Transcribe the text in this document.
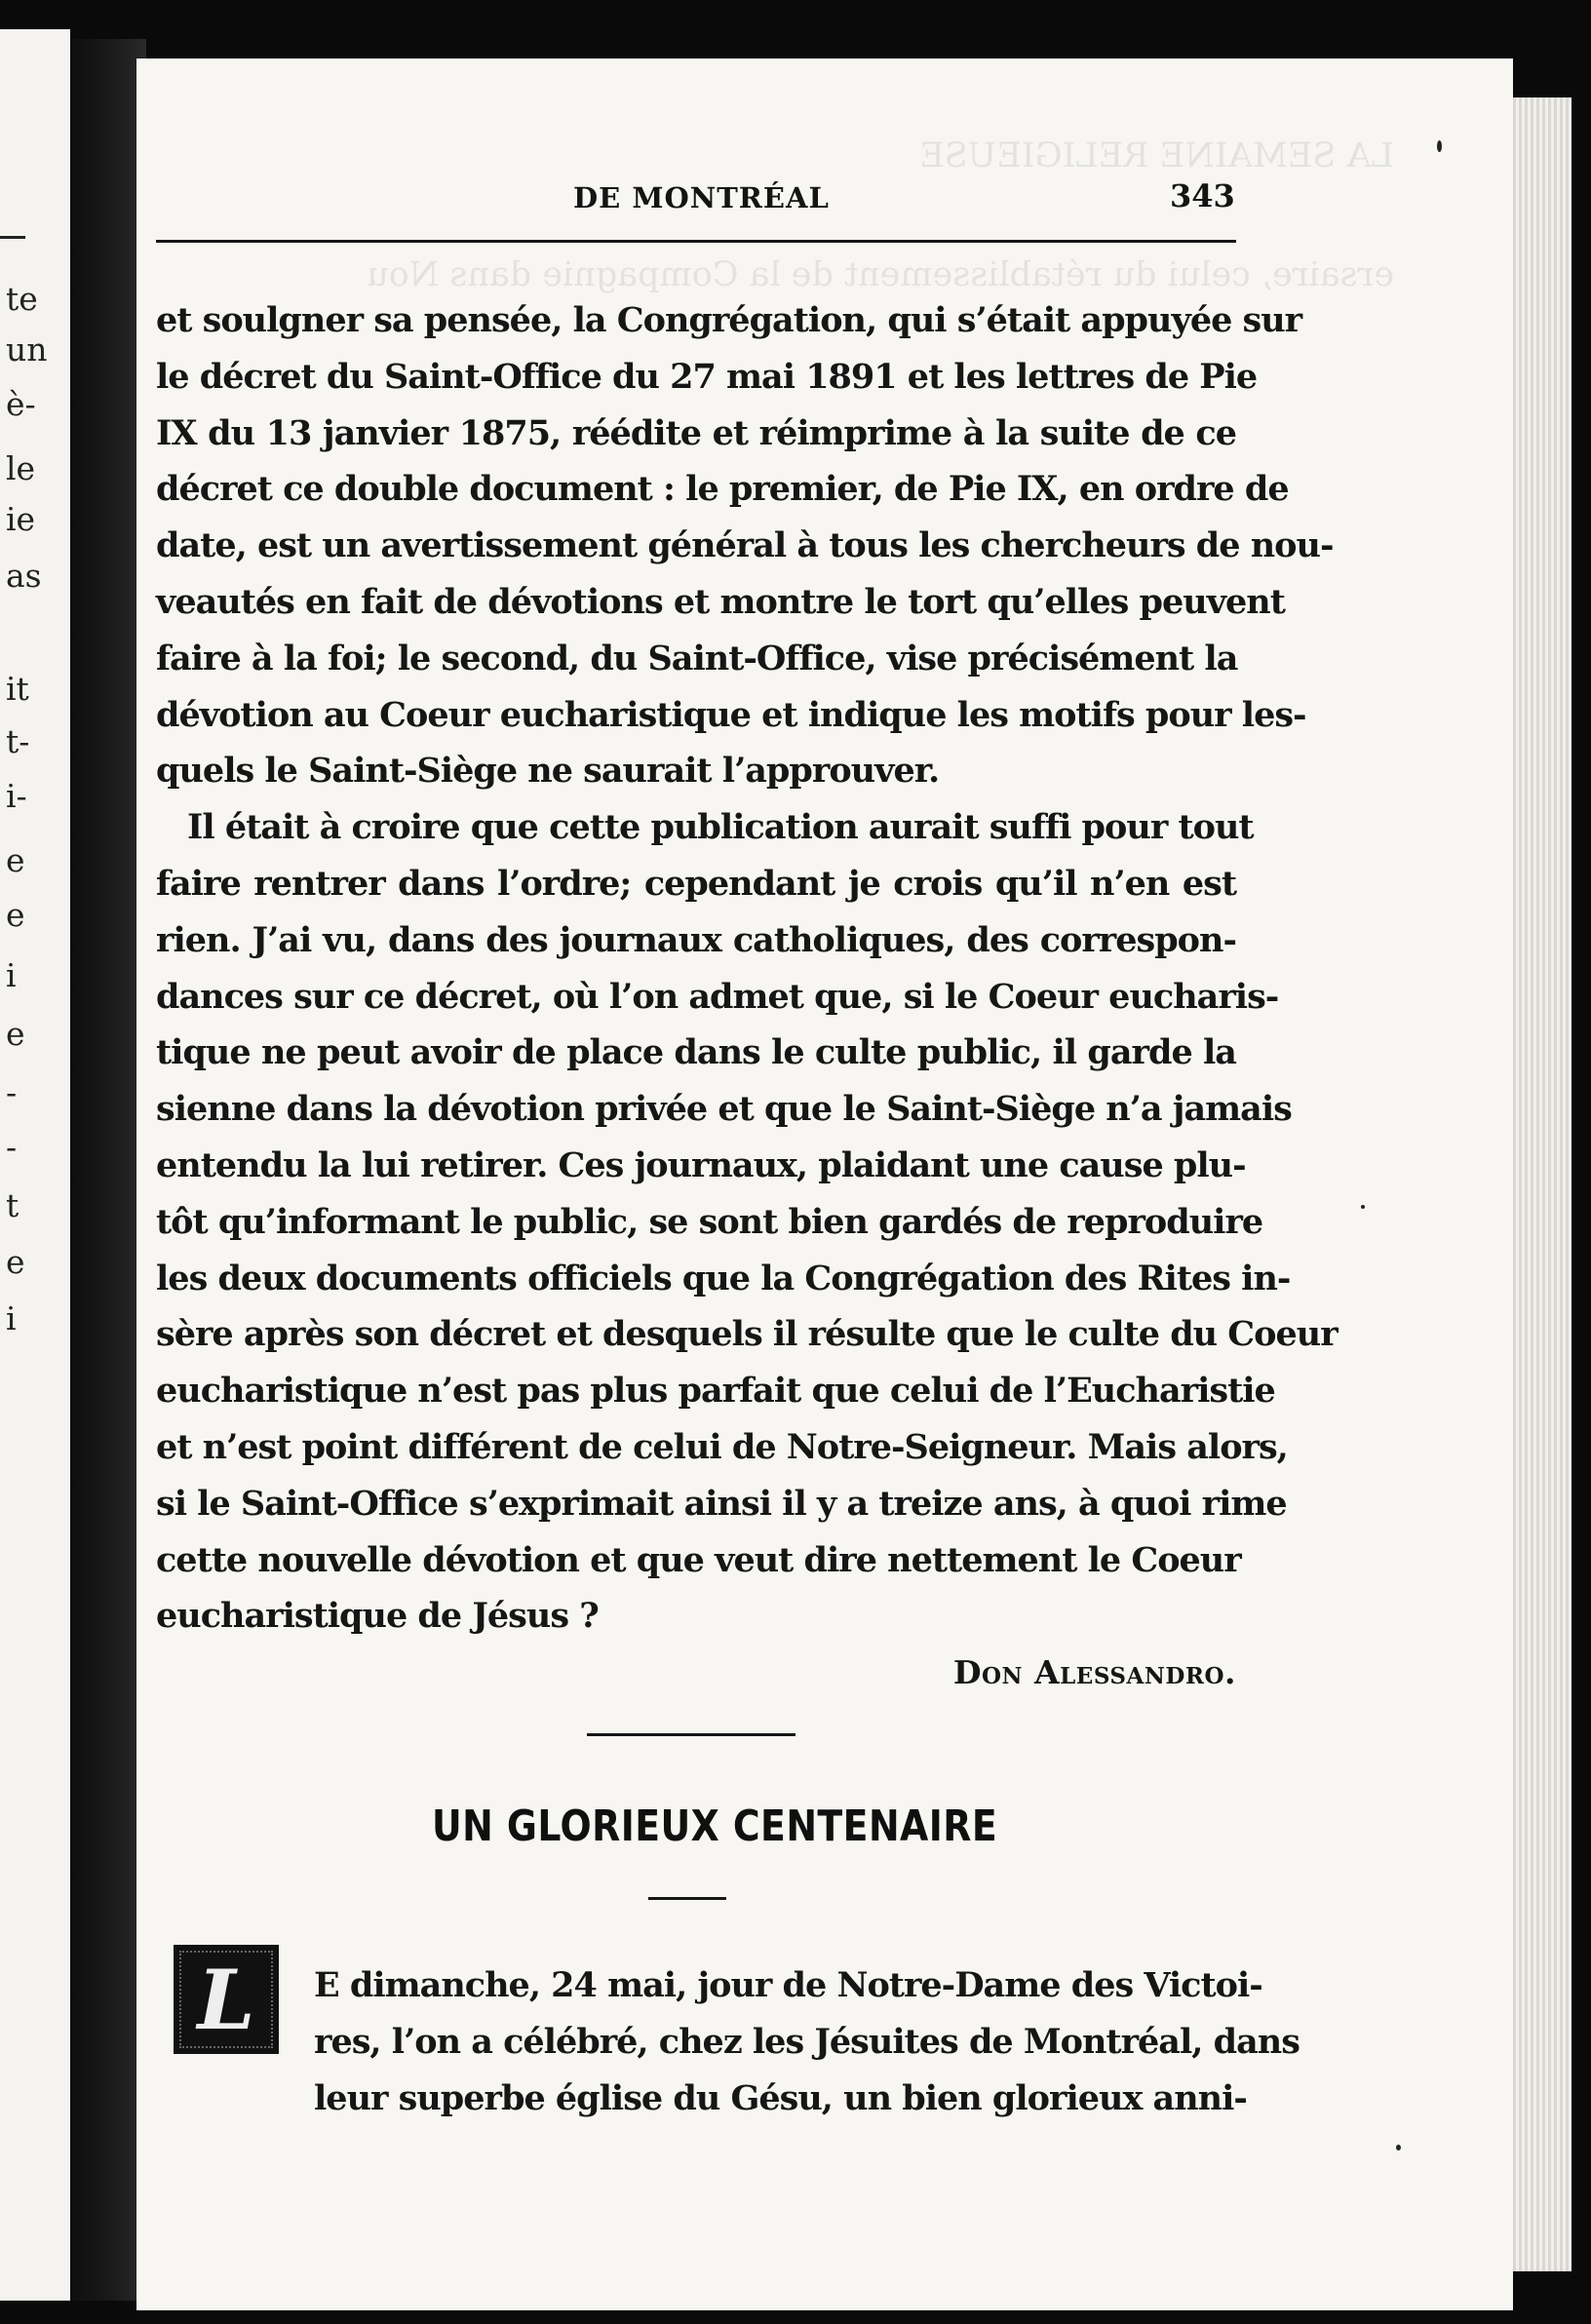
te
un
è-
le
ie
as
it
t-
i-
e
e
i
e
-
-
t
e
i
ersaire, celui du rétablissement de la Compagnie dans Nou
LA SEMAINE RELIGIEUSE
DE MONTRÉAL	343

et soulgner sa pensée, la Congrégation, qui s’était appuyée sur
le décret du Saint-Office du 27 mai 1891 et les lettres de Pie
IX du 13 janvier 1875, réédite et réimprime à la suite de ce
décret ce double document : le premier, de Pie IX, en ordre de
date, est un avertissement général à tous les chercheurs de nou-
veautés en fait de dévotions et montre le tort qu’elles peuvent
faire à la foi; le second, du Saint-Office, vise précisément la
dévotion au Coeur eucharistique et indique les motifs pour les-
quels le Saint-Siège ne saurait l’approuver.

Il était à croire que cette publication aurait suffi pour tout

faire rentrer dans l’ordre; cependant je crois qu’il n’en est
rien. J’ai vu, dans des journaux catholiques, des correspon-
dances sur ce décret, où l’on admet que, si le Coeur eucharis-
tique ne peut avoir de place dans le culte public, il garde la
sienne dans la dévotion privée et que le Saint-Siège n’a jamais
entendu la lui retirer. Ces journaux, plaidant une cause plu-
tôt qu’informant le public, se sont bien gardés de reproduire
les deux documents officiels que la Congrégation des Rites in-
sère après son décret et desquels il résulte que le culte du Coeur
eucharistique n’est pas plus parfait que celui de l’Eucharistie
et n’est point différent de celui de Notre-Seigneur. Mais alors,
si le Saint-Office s’exprimait ainsi il y a treize ans, à quoi rime
cette nouvelle dévotion et que veut dire nettement le Coeur
eucharistique de Jésus ?

Don Alessandro.
UN GLORIEUX CENTENAIRE
L	E dimanche, 24 mai, jour de Notre-Dame des Victoi-
res, l’on a célébré, chez les Jésuites de Montréal, dans
leur superbe église du Gésu, un bien glorieux anni-
